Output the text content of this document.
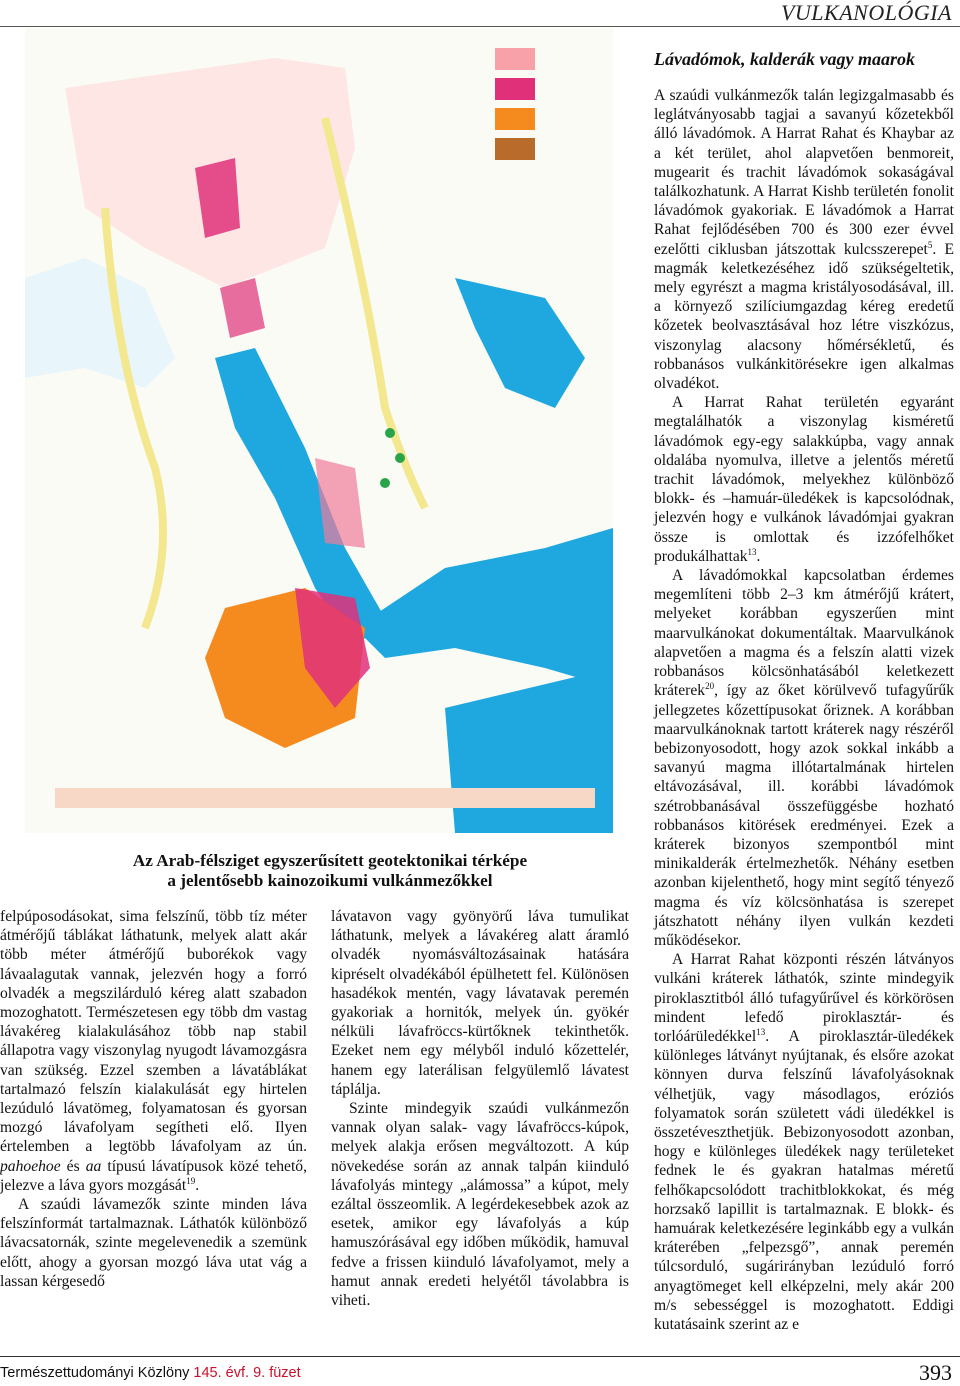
VULKANOLÓGIA
Az Arab-félsziget egyszerűsített geotektonikai térképe
a jelentősebb kainozoikumi vulkánmezőkkel

felpúposodásokat, sima felszínű, több tíz méter átmérőjű táblákat láthatunk, melyek alatt akár több méter átmérőjű buborékok vagy lávaalagutak vannak, jelezvén hogy a forró olvadék a megszilárduló kéreg alatt szabadon mozoghatott. Természetesen egy több dm vastag lávakéreg kialakulásához több nap stabil állapotra vagy viszonylag nyugodt lávamozgásra van szükség. Ezzel szemben a lávatáblákat tartalmazó felszín kialakulását egy hirtelen lezúduló lávatömeg, folyamatosan és gyorsan mozgó lávafolyam segítheti elő. Ilyen értelemben a legtöbb lávafolyam az ún. pahoehoe és aa típusú lávatípusok közé tehető, jelezve a láva gyors mozgását$^{19}$.

A szaúdi lávamezők szinte minden láva felszínformát tartalmaznak. Láthatók különböző lávacsatornák, szinte megelevenedik a szemünk előtt, ahogy a gyorsan mozgó láva utat vág a lassan kérgesedő

lávatavon vagy gyönyörű láva tumulikat láthatunk, melyek a lávakéreg alatt áramló olvadék nyomásváltozásainak hatására kipréselt olvadékából épülhetett fel. Különösen hasadékok mentén, vagy lávatavak peremén gyakoriak a hornitók, melyek ún. gyökér nélküli lávafröccs-kürtőknek tekinthetők. Ezeket nem egy mélyből induló kőzettelér, hanem egy laterálisan felgyülemlő lávatest táplálja.

Szinte mindegyik szaúdi vulkánmezőn vannak olyan salak- vagy lávafröccs-kúpok, melyek alakja erősen megváltozott. A kúp növekedése során az annak talpán kiinduló lávafolyás mintegy „alámossa” a kúpot, mely ezáltal összeomlik. A legérdekesebbek azok az esetek, amikor egy lávafolyás a kúp hamuszórásával egy időben működik, hamuval fedve a frissen kiinduló lávafolyamot, mely a hamut annak eredeti helyétől távolabbra is viheti.

Lávadómok, kalderák vagy maarok

A szaúdi vulkánmezők talán legizgalmasabb és leglátványosabb tagjai a savanyú kőzetekből álló lávadómok. A Harrat Rahat és Khaybar az a két terület, ahol alapvetően benmoreit, mugearit és trachit lávadómok sokaságával találkozhatunk. A Harrat Kishb területén fonolit lávadómok gyakoriak. E lávadómok a Harrat Rahat fejlődésében 700 és 300 ezer évvel ezelőtti ciklusban játszottak kulcsszerepet$^5$. E magmák keletkezéséhez idő szükségeltetik, mely egyrészt a magma kristályosodásával, ill. a környező szilíciumgazdag kéreg eredetű kőzetek beolvasztásával hoz létre viszkózus, viszonylag alacsony hőmérsékletű, és robbanásos vulkánkitörésekre igen alkalmas olvadékot.

A Harrat Rahat területén egyaránt megtalálhatók a viszonylag kisméretű lávadómok egy-egy salakkúpba, vagy annak oldalába nyomulva, illetve a jelentős méretű trachit lávadómok, melyekhez különböző blokk- és –hamuár-üledékek is kapcsolódnak, jelezvén hogy e vulkánok lávadómjai gyakran össze is omlottak és izzófelhőket produkálhattak$^{13}$.

A lávadómokkal kapcsolatban érdemes megemlíteni több 2–3 km átmérőjű krátert, melyeket korábban egyszerűen mint maarvulkánokat dokumentáltak. Maarvulkánok alapvetően a magma és a felszín alatti vizek robbanásos kölcsönhatásából keletkezett kráterek$^{20}$, így az őket körülvevő tufagyűrűk jellegzetes kőzettípusokat őriznek. A korábban maarvulkánoknak tartott kráterek nagy részéről bebizonyosodott, hogy azok sokkal inkább a savanyú magma illótartalmának hirtelen eltávozásával, ill. korábbi lávadómok szétrobbanásával összefüggésbe hozható robbanásos kitörések eredményei. Ezek a kráterek bizonyos szempontból mint minikalderák értelmezhetők. Néhány esetben azonban kijelenthető, hogy mint segítő tényező magma és víz kölcsönhatása is szerepet játszhatott néhány ilyen vulkán kezdeti működésekor.

A Harrat Rahat központi részén látványos vulkáni kráterek láthatók, szinte mindegyik piroklasztitból álló tufagyűrűvel és körkörösen mindent lefedő piroklasztár- és torlóárüledékkel$^{13}$. A piroklasztár-üledékek különleges látványt nyújtanak, és elsőre azokat könnyen durva felszínű lávafolyásoknak vélhetjük, vagy másodlagos, eróziós folyamatok során született vádi üledékkel is összetéveszthetjük. Bebizonyosodott azonban, hogy e különleges üledékek nagy területeket fednek le és gyakran hatalmas méretű felhőkapcsolódott trachitblokkokat, és még horzsakő lapillit is tartalmaznak. E blokk- és hamuárak keletkezésére leginkább egy a vulkán kráterében „felpezsgő”, annak peremén túlcsorduló, sugárirányban lezúduló forró anyagtömeget kell elképzelni, mely akár 200 m/s sebességgel is mozoghatott. Eddigi kutatásaink szerint az e

Természettudományi Közlöny 145. évf. 9. füzet	393
